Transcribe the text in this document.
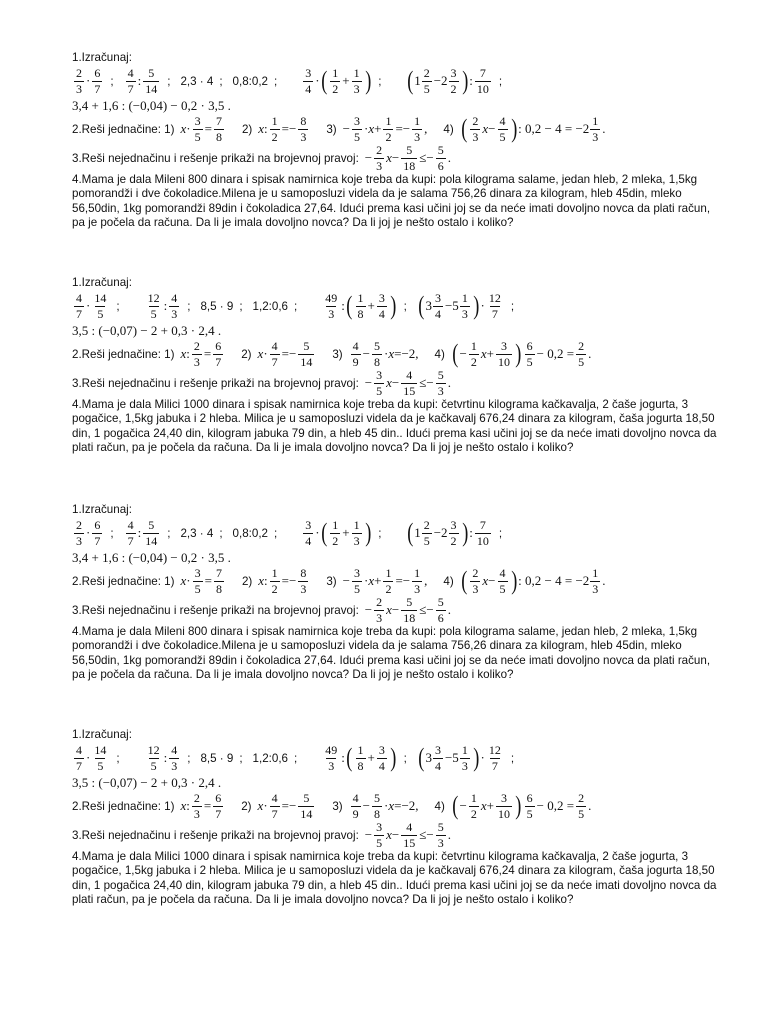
1.Izračunaj:
$\frac{2}{3} \cdot \frac{6}{7}$ ; $\frac{4}{7}$ : $\frac{5}{14}$ ; 2,3 · 4 ; 0,8:0,2 ; $\frac{3}{4}$ · ( $\frac{1}{2} + \frac{1}{3}$ ) ; ( $1 \frac{2}{5} -2 \frac{3}{2}$ ) : $\frac{7}{10}$ ;
3,4 + 1,6 : (−0,04) − 0,2 · 3,5 .
2.Reši jednačine: 1) $x \cdot \frac{3}{5} = \frac{7}{8} 2$) x : $\frac{1}{2} =- \frac{8}{3} 3) - \frac{3}{5} \cdot x + \frac{1}{2} =- \frac{1}{3}$ , 4) ( $\frac{2}{3}$ $x - \frac{4}{5}$ ) : $0,2 - 4 = -2 \frac{1}{3}$ .
3.Reši nejednačinu i rešenje prikaži na brojevnoj pravoj: − $\frac{2}{3}$ $x - \frac{5}{18} \le- \frac{5}{6}$ .
4.Mama je dala Mileni 800 dinara i spisak namirnica koje treba da kupi: pola kilograma salame, jedan hleb, 2 mleka, 1,5kg pomorandži i dve čokoladice.Milena je u samoposluzi videla da je salama 756,26 dinara za kilogram, hleb 45din, mleko 56,50din, 1kg pomorandži 89din i čokoladica 27,64. Idući prema kasi učini joj se da neće imati dovoljno novca da plati račun, pa je počela da računa. Da li je imala dovoljno novca? Da li joj je nešto ostalo i koliko?
1.Izračunaj:
$\frac{4}{7} \cdot \frac{14}{5}$ ; $\frac{12}{5}$ : $\frac{4}{3}$ ; 8,5 · 9 ; 1,2:0,6 ; $\frac{49}{3}$ : ( $\frac{1}{8} + \frac{3}{4}$ ) ; ( $3 \frac{3}{4} -5 \frac{1}{3}$ ) · $\frac{12}{7}$ ;
3,5 : (−0,07) − 2 + 0,3 · 2,4 .
2.Reši jednačine: 1) x : $\frac{2}{3} = \frac{6}{7} 2$) $x \cdot \frac{4}{7} =- \frac{5}{14} 3) \frac{4}{9} - \frac{5}{8} \cdot x =-2$, 4) ( − $\frac{1}{2}$ $x + \frac{3}{10}$ ) $\frac{6}{5} - 0,2 = \frac{2}{5}$ .
3.Reši nejednačinu i rešenje prikaži na brojevnoj pravoj: − $\frac{3}{5}$ $x - \frac{4}{15} \le- \frac{5}{3}$ .
4.Mama je dala Milici 1000 dinara i spisak namirnica koje treba da kupi: četvrtinu kilograma kačkavalja, 2 čaše jogurta, 3 pogačice, 1,5kg jabuka i 2 hleba. Milica je u samoposluzi videla da je kačkavalj 676,24 dinara za kilogram, čaša jogurta 18,50 din, 1 pogačica 24,40 din, kilogram jabuka 79 din, a hleb 45 din.. Idući prema kasi učini joj se da neće imati dovoljno novca da plati račun, pa je počela da računa. Da li je imala dovoljno novca? Da li joj je nešto ostalo i koliko?
1.Izračunaj:
$\frac{2}{3} \cdot \frac{6}{7}$ ; $\frac{4}{7}$ : $\frac{5}{14}$ ; 2,3 · 4 ; 0,8:0,2 ; $\frac{3}{4}$ · ( $\frac{1}{2} + \frac{1}{3}$ ) ; ( $1 \frac{2}{5} -2 \frac{3}{2}$ ) : $\frac{7}{10}$ ;
3,4 + 1,6 : (−0,04) − 0,2 · 3,5 .
2.Reši jednačine: 1) $x \cdot \frac{3}{5} = \frac{7}{8} 2$) x : $\frac{1}{2} =- \frac{8}{3} 3) - \frac{3}{5} \cdot x + \frac{1}{2} =- \frac{1}{3}$ , 4) ( $\frac{2}{3}$ $x - \frac{4}{5}$ ) : $0,2 - 4 = -2 \frac{1}{3}$ .
3.Reši nejednačinu i rešenje prikaži na brojevnoj pravoj: − $\frac{2}{3}$ $x - \frac{5}{18} \le- \frac{5}{6}$ .
4.Mama je dala Mileni 800 dinara i spisak namirnica koje treba da kupi: pola kilograma salame, jedan hleb, 2 mleka, 1,5kg pomorandži i dve čokoladice.Milena je u samoposluzi videla da je salama 756,26 dinara za kilogram, hleb 45din, mleko 56,50din, 1kg pomorandži 89din i čokoladica 27,64. Idući prema kasi učini joj se da neće imati dovoljno novca da plati račun, pa je počela da računa. Da li je imala dovoljno novca? Da li joj je nešto ostalo i koliko?
1.Izračunaj:
$\frac{4}{7} \cdot \frac{14}{5}$ ; $\frac{12}{5}$ : $\frac{4}{3}$ ; 8,5 · 9 ; 1,2:0,6 ; $\frac{49}{3}$ : ( $\frac{1}{8} + \frac{3}{4}$ ) ; ( $3 \frac{3}{4} -5 \frac{1}{3}$ ) · $\frac{12}{7}$ ;
3,5 : (−0,07) − 2 + 0,3 · 2,4 .
2.Reši jednačine: 1) x : $\frac{2}{3} = \frac{6}{7} 2$) $x \cdot \frac{4}{7} =- \frac{5}{14} 3) \frac{4}{9} - \frac{5}{8} \cdot x =-2$, 4) ( − $\frac{1}{2}$ $x + \frac{3}{10}$ ) $\frac{6}{5} - 0,2 = \frac{2}{5}$ .
3.Reši nejednačinu i rešenje prikaži na brojevnoj pravoj: − $\frac{3}{5}$ $x - \frac{4}{15} \le- \frac{5}{3}$ .
4.Mama je dala Milici 1000 dinara i spisak namirnica koje treba da kupi: četvrtinu kilograma kačkavalja, 2 čaše jogurta, 3 pogačice, 1,5kg jabuka i 2 hleba. Milica je u samoposluzi videla da je kačkavalj 676,24 dinara za kilogram, čaša jogurta 18,50 din, 1 pogačica 24,40 din, kilogram jabuka 79 din, a hleb 45 din.. Idući prema kasi učini joj se da neće imati dovoljno novca da plati račun, pa je počela da računa. Da li je imala dovoljno novca? Da li joj je nešto ostalo i koliko?
